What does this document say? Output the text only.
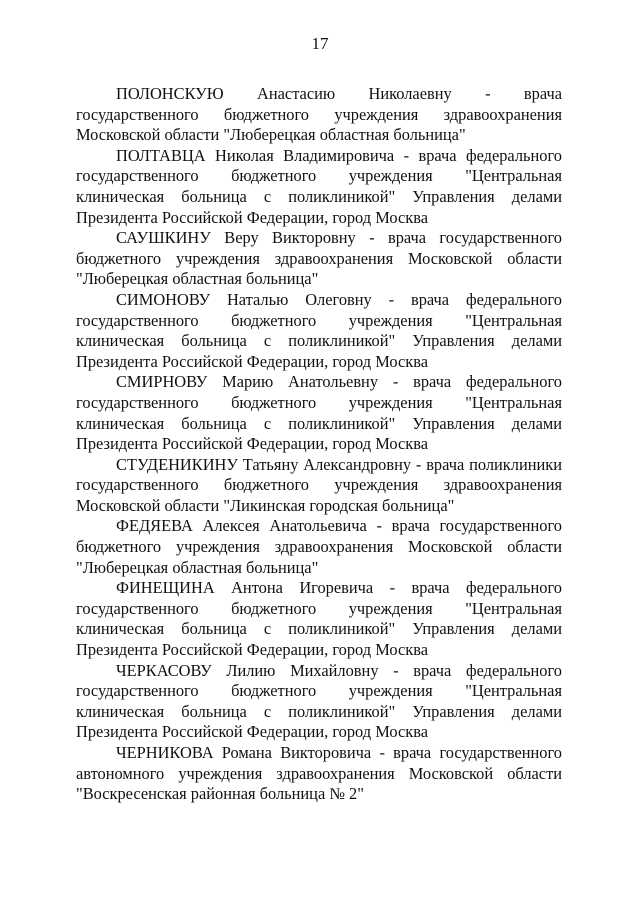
17

ПОЛОНСКУЮ Анастасию Николаевну - врача государственного бюджетного учреждения здравоохранения Московской области "Люберецкая областная больница"

ПОЛТАВЦА Николая Владимировича - врача федерального государственного бюджетного учреждения "Центральная клиническая больница с поликлиникой" Управления делами Президента Российской Федерации, город Москва

САУШКИНУ Веру Викторовну - врача государственного бюджетного учреждения здравоохранения Московской области "Люберецкая областная больница"

СИМОНОВУ Наталью Олеговну - врача федерального государственного бюджетного учреждения "Центральная клиническая больница с поликлиникой" Управления делами Президента Российской Федерации, город Москва

СМИРНОВУ Марию Анатольевну - врача федерального государственного бюджетного учреждения "Центральная клиническая больница с поликлиникой" Управления делами Президента Российской Федерации, город Москва

СТУДЕНИКИНУ Татьяну Александровну - врача поликлиники государственного бюджетного учреждения здравоохранения Московской области "Ликинская городская больница"

ФЕДЯЕВА Алексея Анатольевича - врача государственного бюджетного учреждения здравоохранения Московской области "Люберецкая областная больница"

ФИНЕЩИНА Антона Игоревича - врача федерального государственного бюджетного учреждения "Центральная клиническая больница с поликлиникой" Управления делами Президента Российской Федерации, город Москва

ЧЕРКАСОВУ Лилию Михайловну - врача федерального государственного бюджетного учреждения "Центральная клиническая больница с поликлиникой" Управления делами Президента Российской Федерации, город Москва

ЧЕРНИКОВА Романа Викторовича - врача государственного автономного учреждения здравоохранения Московской области "Воскресенская районная больница № 2"
